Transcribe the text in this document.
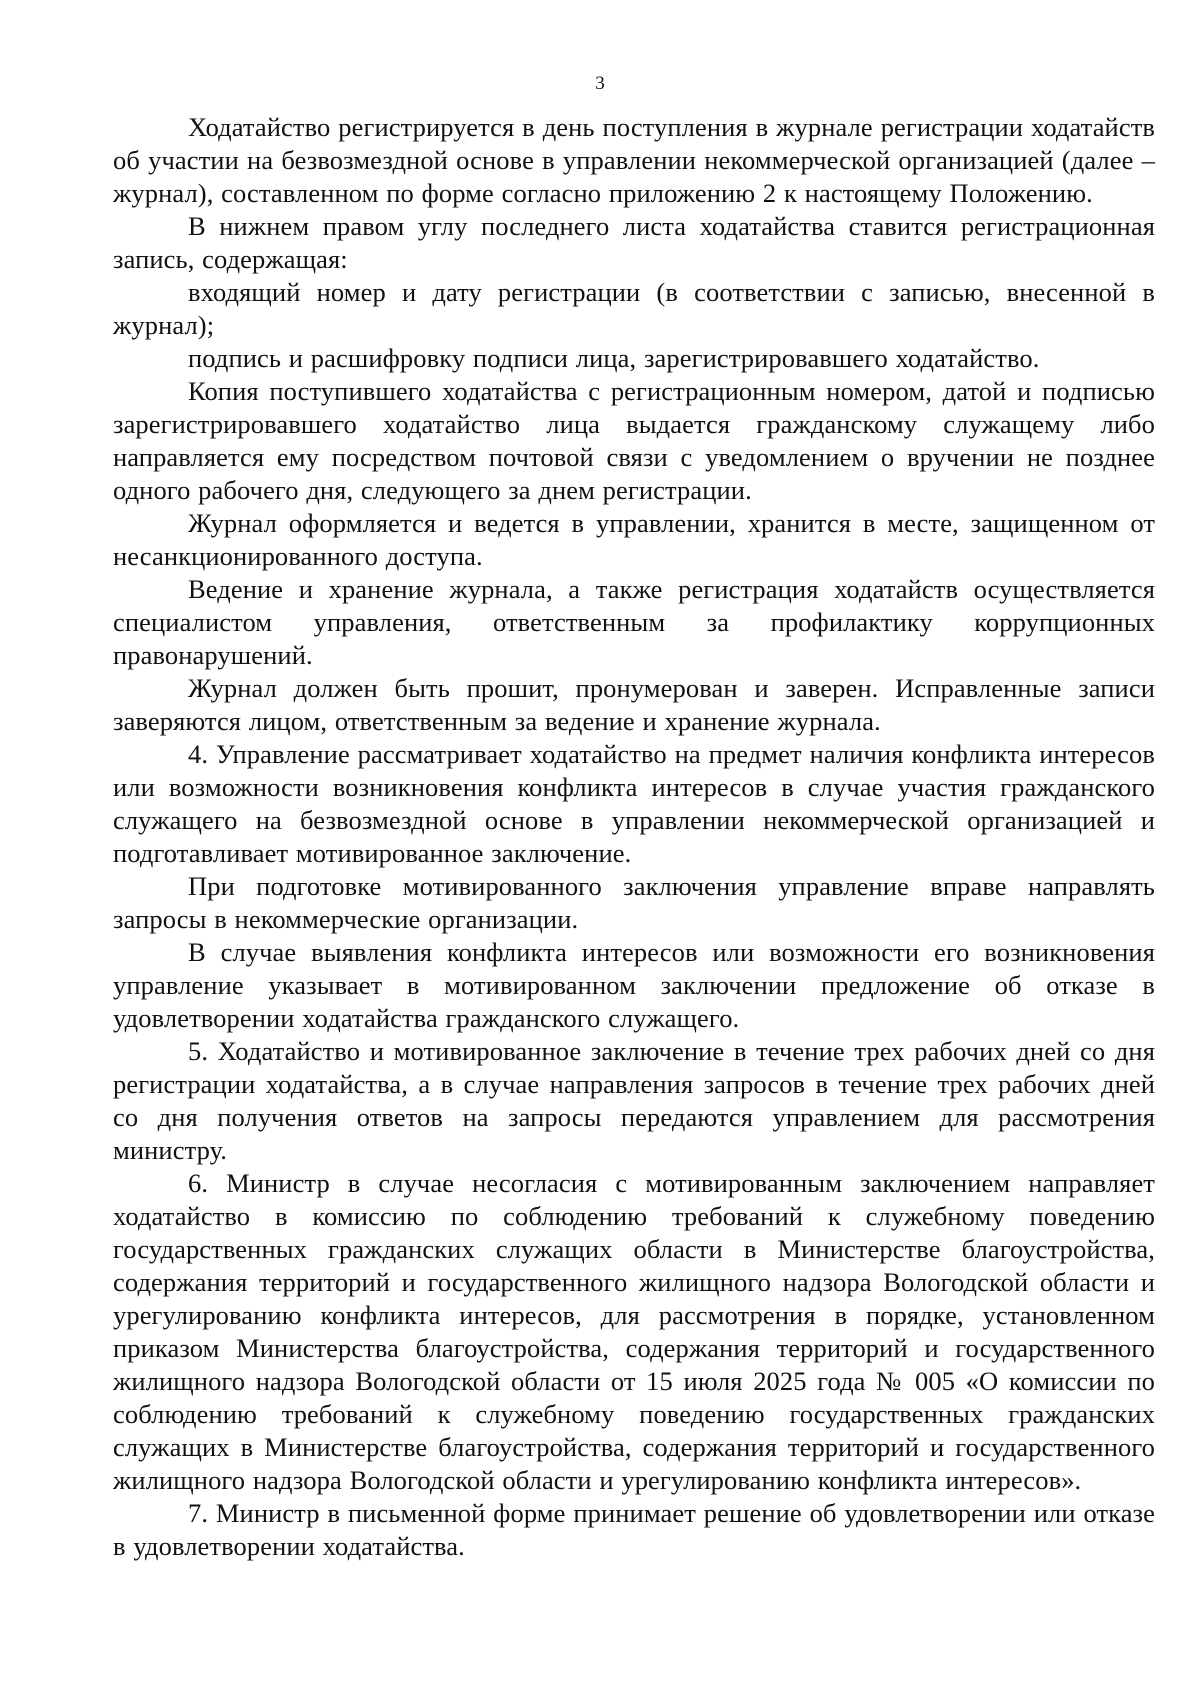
3

Ходатайство регистрируется в день поступления в журнале регистрации ходатайств об участии на безвозмездной основе в управлении некоммерческой организацией (далее – журнал), составленном по форме согласно приложению 2 к настоящему Положению.

В нижнем правом углу последнего листа ходатайства ставится регистрационная запись, содержащая:

входящий номер и дату регистрации (в соответствии с записью, внесенной в журнал);

подпись и расшифровку подписи лица, зарегистрировавшего ходатайство.

Копия поступившего ходатайства с регистрационным номером, датой и подписью зарегистрировавшего ходатайство лица выдается гражданскому служащему либо направляется ему посредством почтовой связи с уведомлением о вручении не позднее одного рабочего дня, следующего за днем регистрации.

Журнал оформляется и ведется в управлении, хранится в месте, защищенном от несанкционированного доступа.

Ведение и хранение журнала, а также регистрация ходатайств осуществляется специалистом управления, ответственным за профилактику коррупционных правонарушений.

Журнал должен быть прошит, пронумерован и заверен. Исправленные записи заверяются лицом, ответственным за ведение и хранение журнала.

4. Управление рассматривает ходатайство на предмет наличия конфликта интересов или возможности возникновения конфликта интересов в случае участия гражданского служащего на безвозмездной основе в управлении некоммерческой организацией и подготавливает мотивированное заключение.

При подготовке мотивированного заключения управление вправе направлять запросы в некоммерческие организации.

В случае выявления конфликта интересов или возможности его возникновения управление указывает в мотивированном заключении предложение об отказе в удовлетворении ходатайства гражданского служащего.

5. Ходатайство и мотивированное заключение в течение трех рабочих дней со дня регистрации ходатайства, а в случае направления запросов в течение трех рабочих дней со дня получения ответов на запросы передаются управлением для рассмотрения министру.

6. Министр в случае несогласия с мотивированным заключением направляет ходатайство в комиссию по соблюдению требований к служебному поведению государственных гражданских служащих области в Министерстве благоустройства, содержания территорий и государственного жилищного надзора Вологодской области и урегулированию конфликта интересов, для рассмотрения в порядке, установленном приказом Министерства благоустройства, содержания территорий и государственного жилищного надзора Вологодской области от 15 июля 2025 года № 005 «О комиссии по соблюдению требований к служебному поведению государственных гражданских служащих в Министерстве благоустройства, содержания территорий и государственного жилищного надзора Вологодской области и урегулированию конфликта интересов».

7. Министр в письменной форме принимает решение об удовлетворении или отказе в удовлетворении ходатайства.
